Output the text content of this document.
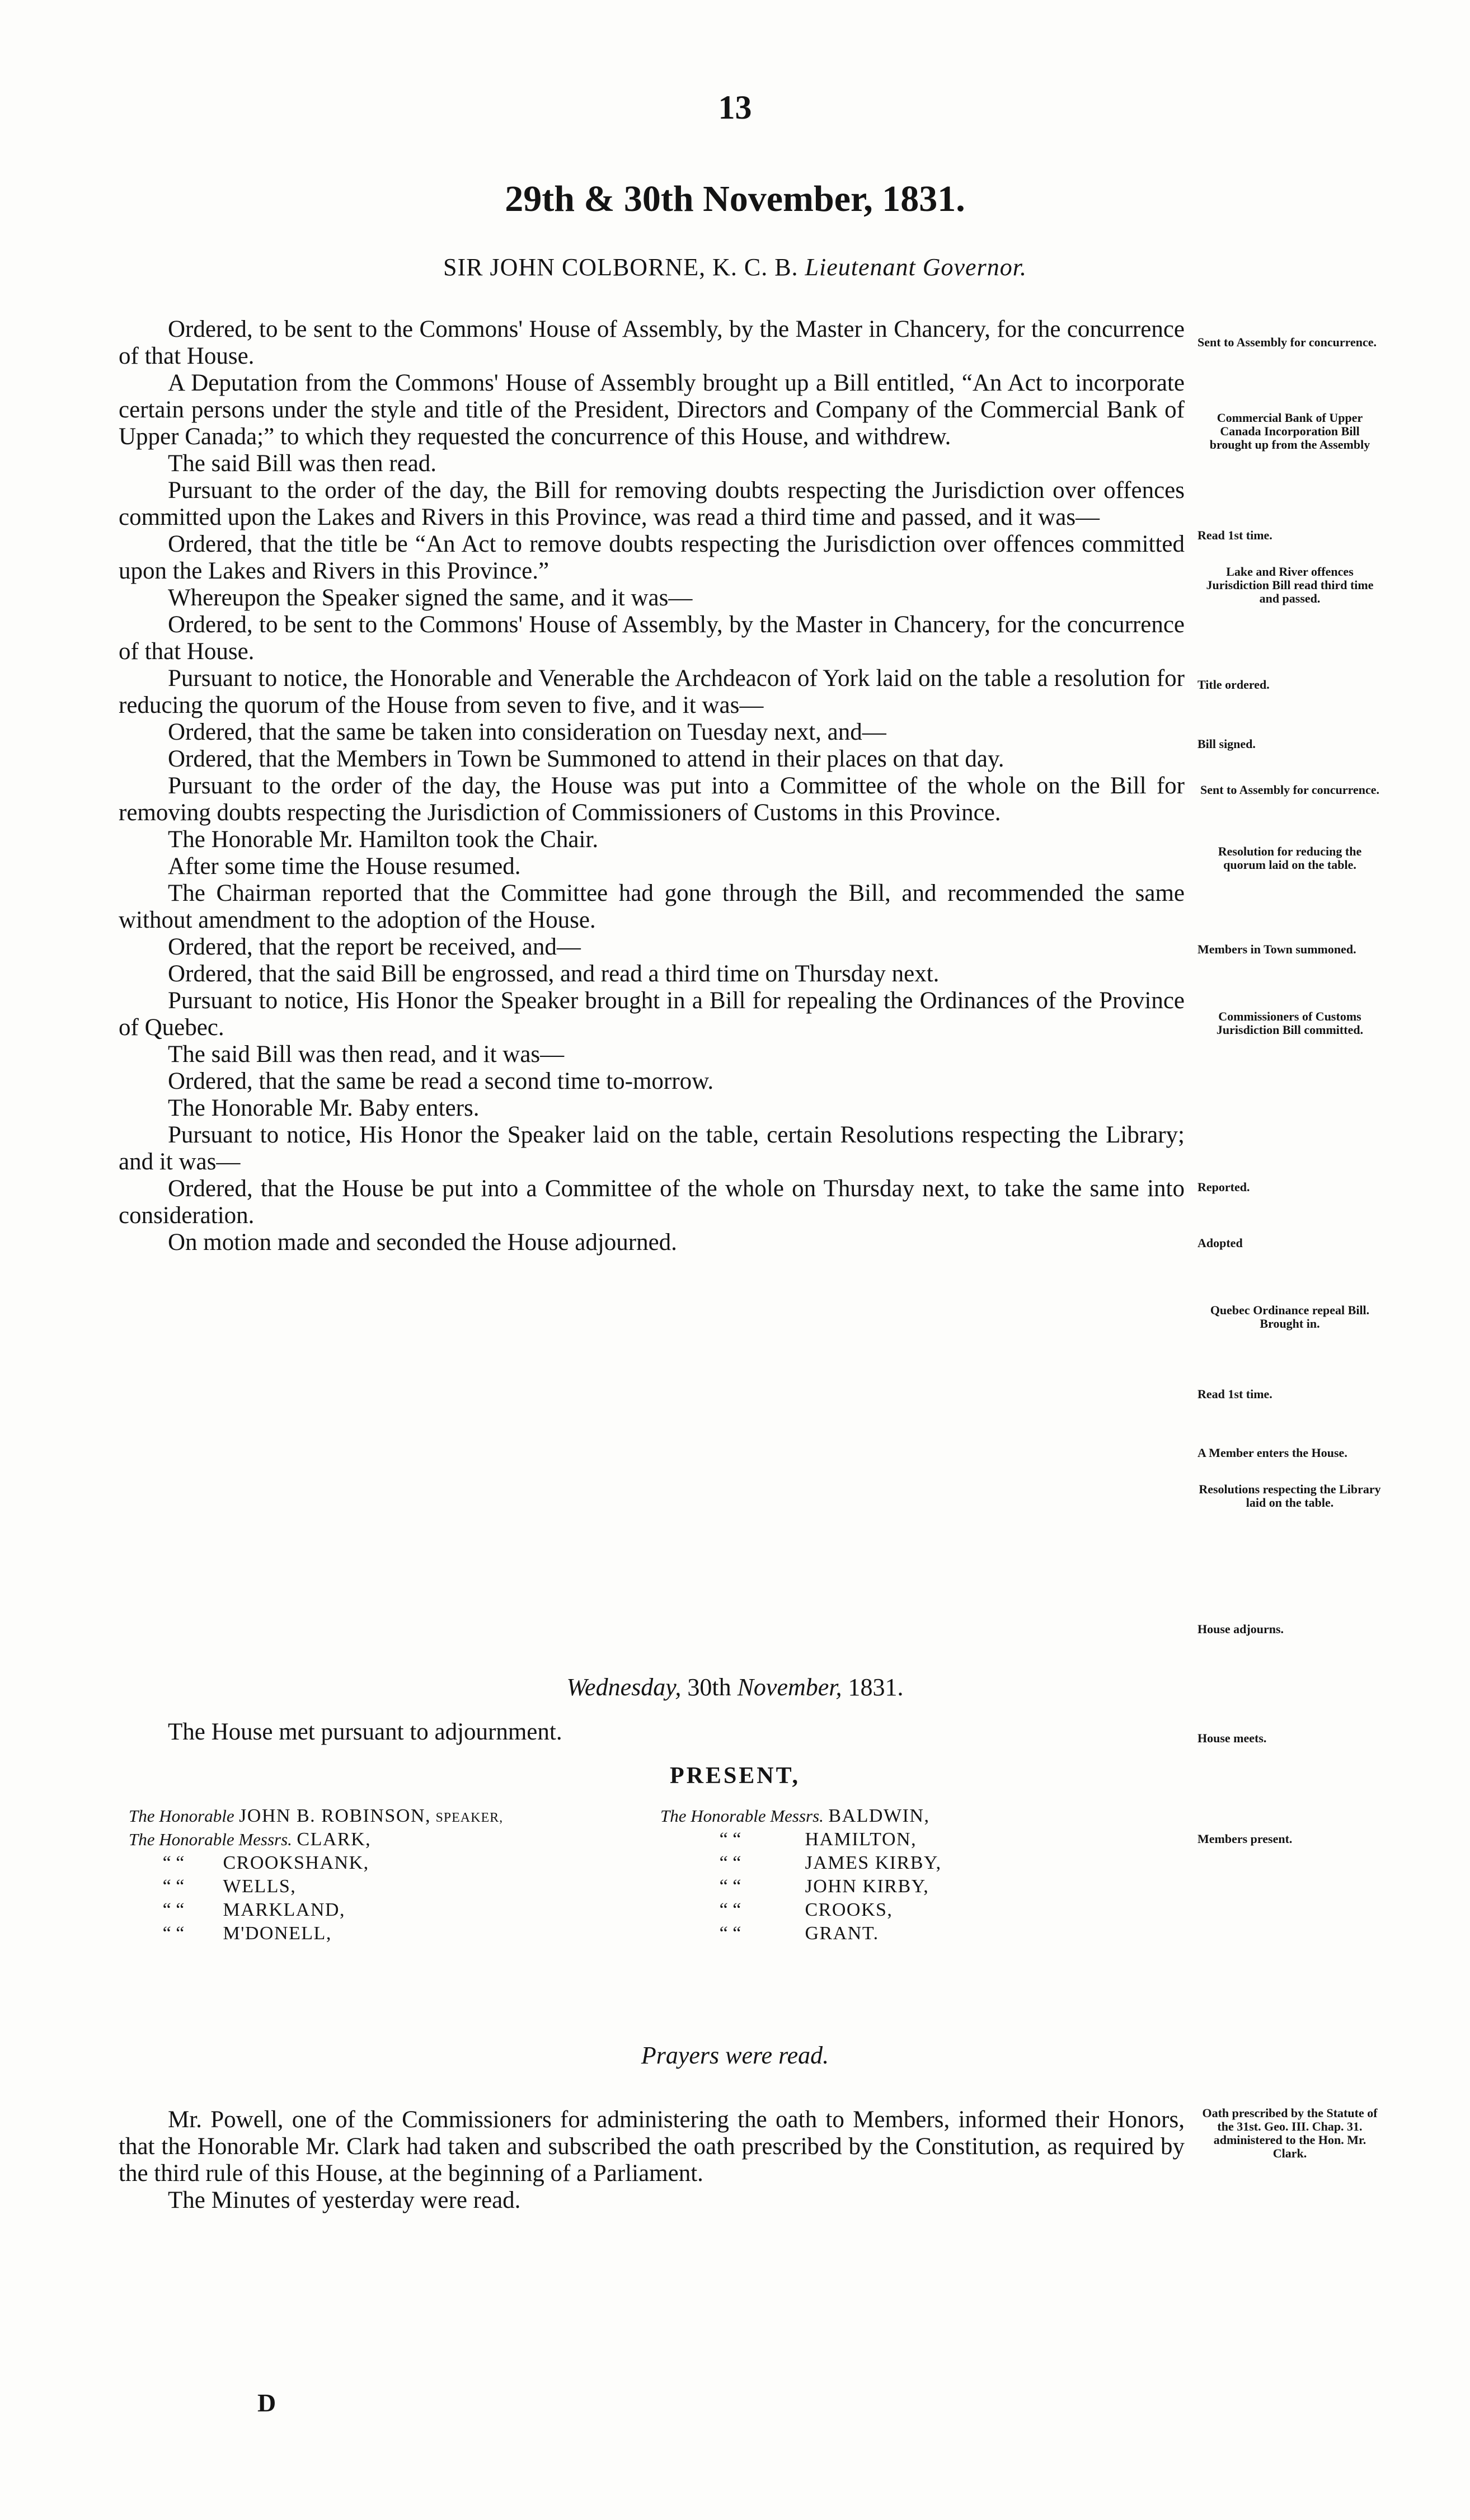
13
29th & 30th November, 1831.
SIR JOHN COLBORNE, K. C. B. Lieutenant Governor.

Ordered, to be sent to the Commons' House of Assembly, by the Master in Chancery, for the concurrence of that House.

A Deputation from the Commons' House of Assembly brought up a Bill entitled, “An Act to incorporate certain persons under the style and title of the President, Directors and Company of the Commercial Bank of Upper Canada;” to which they requested the concurrence of this House, and withdrew.

The said Bill was then read.

Pursuant to the order of the day, the Bill for removing doubts respecting the Jurisdiction over offences committed upon the Lakes and Rivers in this Province, was read a third time and passed, and it was—

Ordered, that the title be “An Act to remove doubts respecting the Jurisdiction over offences committed upon the Lakes and Rivers in this Province.”

Whereupon the Speaker signed the same, and it was—

Ordered, to be sent to the Commons' House of Assembly, by the Master in Chancery, for the concurrence of that House.

Pursuant to notice, the Honorable and Venerable the Archdeacon of York laid on the table a resolution for reducing the quorum of the House from seven to five, and it was—

Ordered, that the same be taken into consideration on Tuesday next, and—

Ordered, that the Members in Town be Summoned to attend in their places on that day.

Pursuant to the order of the day, the House was put into a Committee of the whole on the Bill for removing doubts respecting the Jurisdiction of Commissioners of Customs in this Province.

The Honorable Mr. Hamilton took the Chair.

After some time the House resumed.

The Chairman reported that the Committee had gone through the Bill, and recommended the same without amendment to the adoption of the House.

Ordered, that the report be received, and—

Ordered, that the said Bill be engrossed, and read a third time on Thursday next.

Pursuant to notice, His Honor the Speaker brought in a Bill for repealing the Ordinances of the Province of Quebec.

The said Bill was then read, and it was—

Ordered, that the same be read a second time to-morrow.

The Honorable Mr. Baby enters.

Pursuant to notice, His Honor the Speaker laid on the table, certain Resolutions respecting the Library; and it was—

Ordered, that the House be put into a Committee of the whole on Thursday next, to take the same into consideration.

On motion made and seconded the House adjourned.

Sent to Assembly for concurrence.
Commercial Bank of Upper Canada Incorporation Bill brought up from the Assembly
Read 1st time.
Lake and River offences Jurisdiction Bill read third time and passed.
Title ordered.
Bill signed.
Sent to Assembly for concurrence.
Resolution for reducing the quorum laid on the table.
Members in Town summoned.
Commissioners of Customs Jurisdiction Bill committed.
Reported.
Adopted
Quebec Ordinance repeal Bill. Brought in.
Read 1st time.
A Member enters the House.
Resolutions respecting the Library laid on the table.
House adjourns.
House meets.
Members present.
Oath prescribed by the Statute of the 31st. Geo. III. Chap. 31. administered to the Hon. Mr. Clark.
Wednesday, 30th November, 1831.

The House met pursuant to adjournment.

PRESENT,
The Honorable JOHN B. ROBINSON, SPEAKER,
The Honorable Messrs. CLARK,
“ “ CROOKSHANK,
“ “ WELLS,
“ “ MARKLAND,
“ “ M'DONELL,
The Honorable Messrs. BALDWIN,
“ “	HAMILTON,
“ “	JAMES KIRBY,
“ “	JOHN KIRBY,
“ “	CROOKS,
“ “	GRANT.
Prayers were read.

Mr. Powell, one of the Commissioners for administering the oath to Members, informed their Honors, that the Honorable Mr. Clark had taken and subscribed the oath prescribed by the Constitution, as required by the third rule of this House, at the beginning of a Parliament.

The Minutes of yesterday were read.

D
